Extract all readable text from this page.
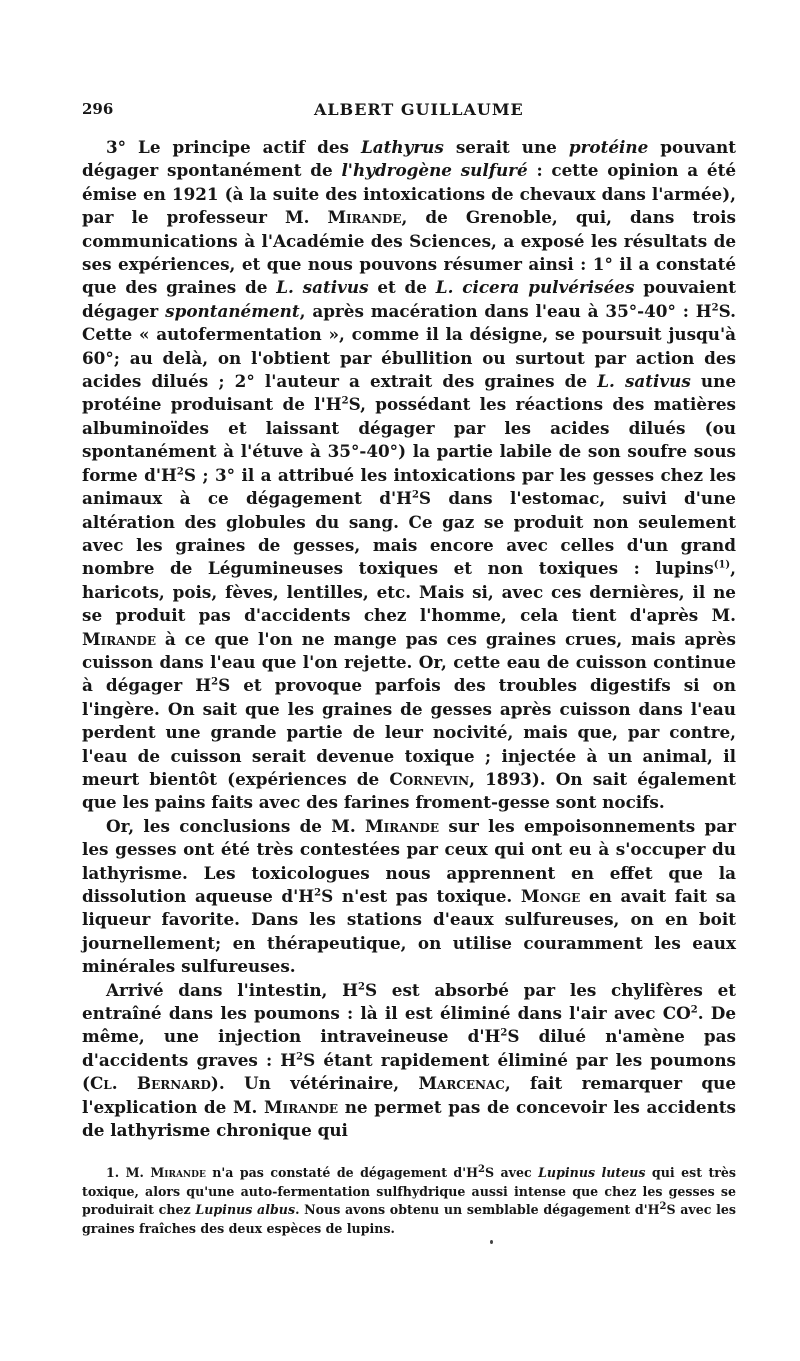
296	ALBERT GUILLAUME

3° Le principe actif des Lathyrus serait une protéine pouvant dégager spontanément de l'hydrogène sulfuré : cette opinion a été émise en 1921 (à la suite des intoxications de chevaux dans l'armée), par le professeur M. Mirande, de Grenoble, qui, dans trois communications à l'Académie des Sciences, a exposé les résultats de ses expériences, et que nous pouvons résumer ainsi : 1° il a constaté que des graines de L. sativus et de L. cicera pulvérisées pouvaient dégager spontanément, après macération dans l'eau à 35°-40° : $H^2S$. Cette « autofermentation », comme il la désigne, se poursuit jusqu'à 60°; au delà, on l'obtient par ébullition ou surtout par action des acides dilués ; 2° l'auteur a extrait des graines de L. sativus une protéine produisant de $l'H^2S$, possédant les réactions des matières albuminoïdes et laissant dégager par les acides dilués (ou spontanément à l'étuve à 35°-40°) la partie labile de son soufre sous forme $d'H^2S$ ; 3° il a attribué les intoxications par les gesses chez les animaux à ce dégagement $d'H^2S$ dans l'estomac, suivi d'une altération des globules du sang. Ce gaz se produit non seulement avec les graines de gesses, mais encore avec celles d'un grand nombre de Légumineuses toxiques et non toxiques : lupins$^{(1)}$, haricots, pois, fèves, lentilles, etc. Mais si, avec ces dernières, il ne se produit pas d'accidents chez l'homme, cela tient d'après M. Mirande à ce que l'on ne mange pas ces graines crues, mais après cuisson dans l'eau que l'on rejette. Or, cette eau de cuisson continue à dégager $H^2S$ et provoque parfois des troubles digestifs si on l'ingère. On sait que les graines de gesses après cuisson dans l'eau perdent une grande partie de leur nocivité, mais que, par contre, l'eau de cuisson serait devenue toxique ; injectée à un animal, il meurt bientôt (expériences de Cornevin, 1893). On sait également que les pains faits avec des farines froment-gesse sont nocifs.

Or, les conclusions de M. Mirande sur les empoisonnements par les gesses ont été très contestées par ceux qui ont eu à s'occuper du lathyrisme. Les toxicologues nous apprennent en effet que la dissolution aqueuse $d'H^2S$ n'est pas toxique. Monge en avait fait sa liqueur favorite. Dans les stations d'eaux sulfureuses, on en boit journellement; en thérapeutique, on utilise couramment les eaux minérales sulfureuses.

Arrivé dans l'intestin, $H^2S$ est absorbé par les chylifères et entraîné dans les poumons : là il est éliminé dans l'air avec $CO^2$. De même, une injection intraveineuse $d'H^2S$ dilué n'amène pas d'accidents graves : $H^2S$ étant rapidement éliminé par les poumons (Cl. Bernard). Un vétérinaire, Marcenac, fait remarquer que l'explication de M. Mirande ne permet pas de concevoir les accidents de lathyrisme chronique qui

1. M. Mirande n'a pas constaté de dégagement $d'H^2S$ avec Lupinus luteus qui est très toxique, alors qu'une auto-fermentation sulfhydrique aussi intense que chez les gesses se produirait chez Lupinus albus. Nous avons obtenu un semblable dégagement $d'H^2S$ avec les graines fraîches des deux espèces de lupins.
